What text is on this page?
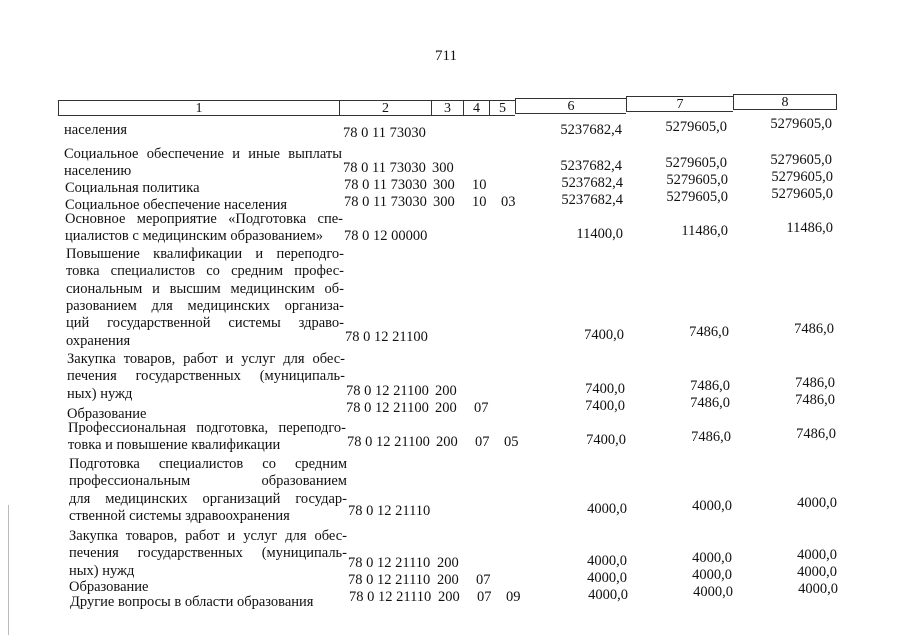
711
1	2	3	4	5	6	7	8
населения	78 0 11 73030	5237682,4	5279605,0	5279605,0
Социальное обеспечение и иные выплаты
населению	78 0 11 73030 300	5237682,4	5279605,0	5279605,0
Социальная политика	78 0 11 73030 300 10	5237682,4	5279605,0	5279605,0
Социальное обеспечение населения	78 0 11 73030 300 10 03	5237682,4	5279605,0	5279605,0
Основное мероприятие «Подготовка спе-
циалистов с медицинским образованием» 78 0 12 00000	11400,0	11486,0	11486,0
Повышение квалификации и переподго-
товка специалистов со средним профес-
сиональным и высшим медицинским об-
разованием для медицинских организа-
ций государственной системы здраво-
охранения	78 0 12 21100	7400,0	7486,0	7486,0
Закупка товаров, работ и услуг для обес-
печения государственных (муниципаль-
ных) нужд	78 0 12 21100 200	7400,0	7486,0	7486,0
Образование	78 0 12 21100 200 07	7400,0	7486,0	7486,0
Профессиональная подготовка, переподго-
товка и повышение квалификации	78 0 12 21100 200 07 05	7400,0	7486,0	7486,0
Подготовка специалистов со средним
профессиональным образованием
для медицинских организаций государ-
ственной системы здравоохранения	78 0 12 21110	4000,0	4000,0	4000,0
Закупка товаров, работ и услуг для обес-
печения государственных (муниципаль-
ных) нужд	78 0 12 21110 200	4000,0	4000,0	4000,0
Образование	78 0 12 21110 200 07	4000,0	4000,0	4000,0
Другие вопросы в области образования 78 0 12 21110 200 07 09	4000,0	4000,0	4000,0
